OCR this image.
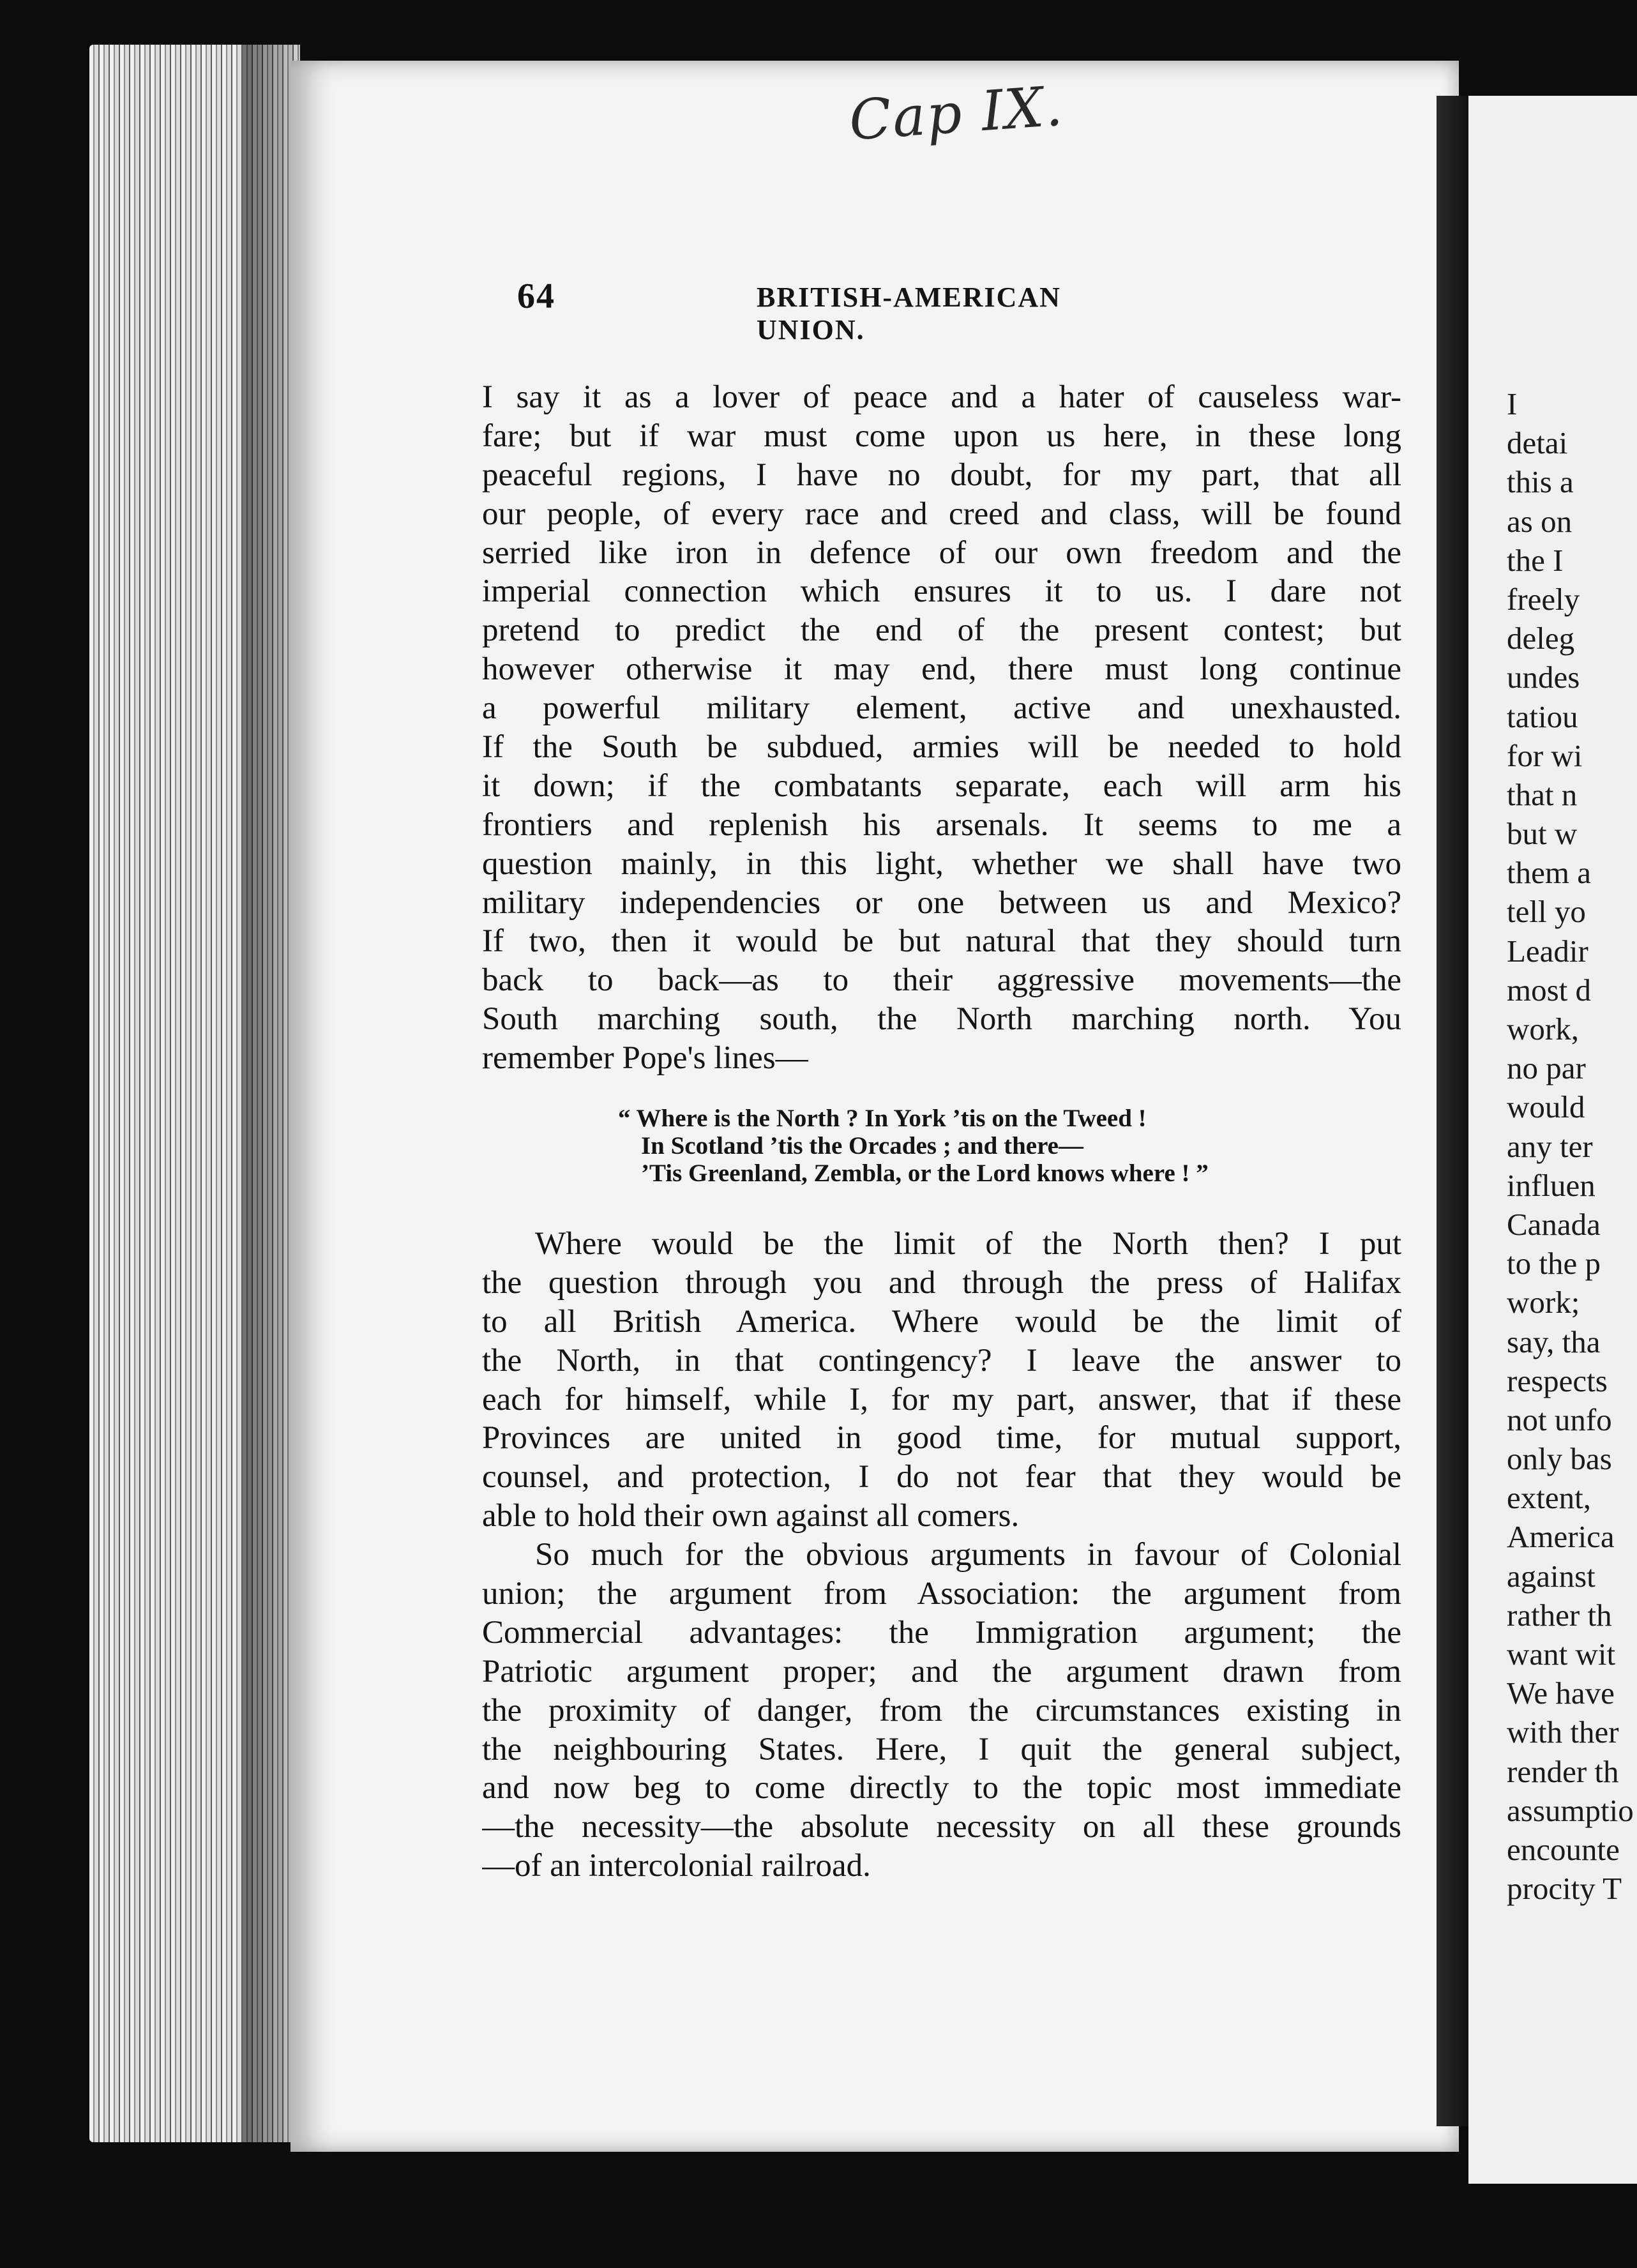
I
detai
this a
as on
the I
freely
deleg
undes
tatiou
for wi
that n
but w
them a
tell yo
Leadir
most d
work,
no par
would
any ter
influen
Canada
to the p
work;
say, tha
respects
not unfo
only bas
extent,
America
against
rather th
want wit
We have
with ther
render th
assumptio
encounte
procity T
Cap IX.
64	BRITISH-AMERICAN UNION.
I say it as a lover of peace and a hater of causeless war-
fare; but if war must come upon us here, in these long
peaceful regions, I have no doubt, for my part, that all
our people, of every race and creed and class, will be found
serried like iron in defence of our own freedom and the
imperial connection which ensures it to us. I dare not
pretend to predict the end of the present contest; but
however otherwise it may end, there must long continue
a powerful military element, active and unexhausted.
If the South be subdued, armies will be needed to hold
it down; if the combatants separate, each will arm his
frontiers and replenish his arsenals. It seems to me a
question mainly, in this light, whether we shall have two
military independencies or one between us and Mexico?
If two, then it would be but natural that they should turn
back to back—as to their aggressive movements—the
South marching south, the North marching north. You
remember Pope's lines—
“ Where is the North ? In York ’tis on the Tweed !
In Scotland ’tis the Orcades ; and there—
’Tis Greenland, Zembla, or the Lord knows where ! ”
Where would be the limit of the North then? I put
the question through you and through the press of Halifax
to all British America. Where would be the limit of
the North, in that contingency? I leave the answer to
each for himself, while I, for my part, answer, that if these
Provinces are united in good time, for mutual support,
counsel, and protection, I do not fear that they would be
able to hold their own against all comers.
So much for the obvious arguments in favour of Colonial
union; the argument from Association: the argument from
Commercial advantages: the Immigration argument; the
Patriotic argument proper; and the argument drawn from
the proximity of danger, from the circumstances existing in
the neighbouring States. Here, I quit the general subject,
and now beg to come directly to the topic most immediate
—the necessity—the absolute necessity on all these grounds
—of an intercolonial railroad.
